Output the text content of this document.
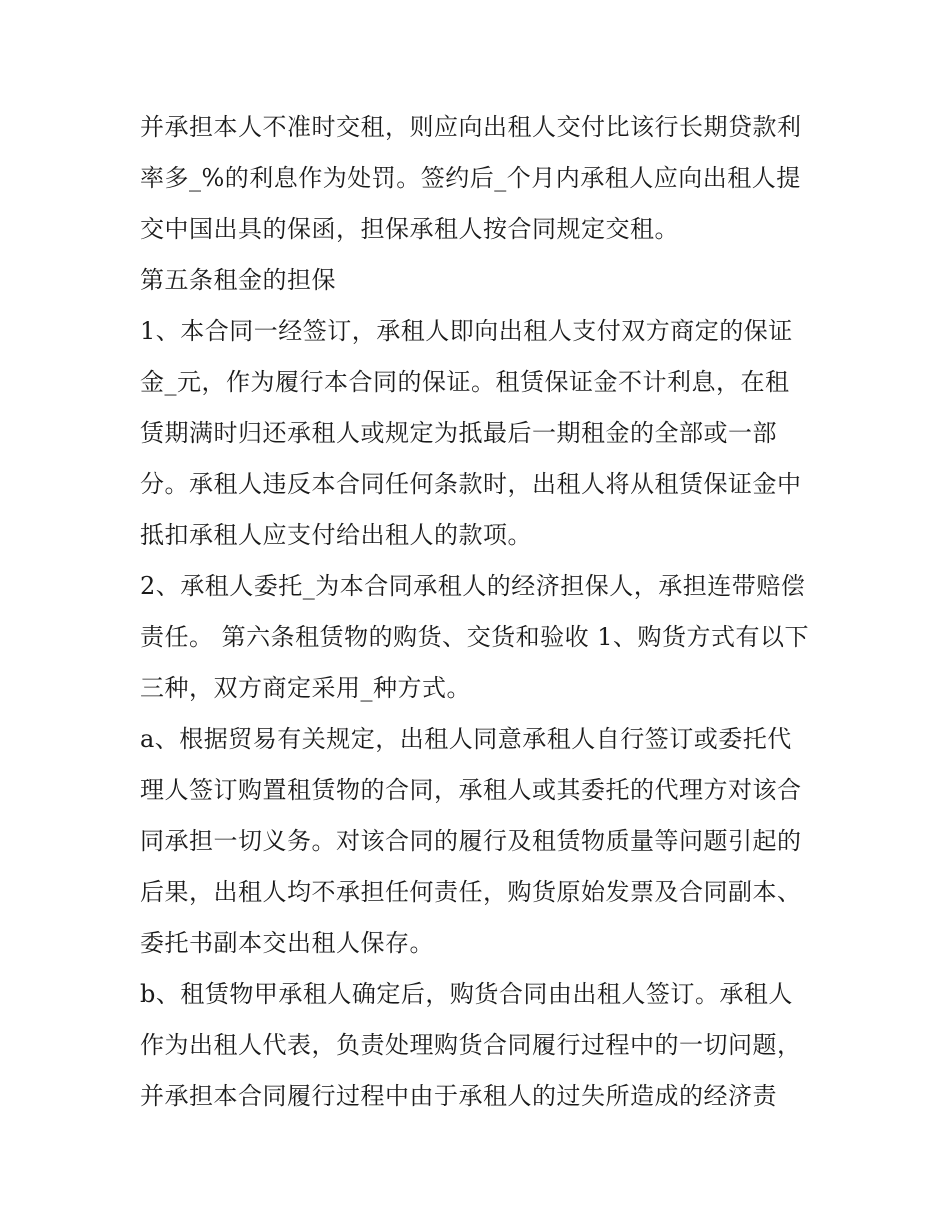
并承担本人不准时交租，则应向出租人交付比该行长期贷款利
率多_%的利息作为处罚。签约后_个月内承租人应向出租人提
交中国出具的保函，担保承租人按合同规定交租。

第五条租金的担保

1、本合同一经签订，承租人即向出租人支付双方商定的保证
金_元，作为履行本合同的保证。租赁保证金不计利息，在租
赁期满时归还承租人或规定为抵最后一期租金的全部或一部
分。承租人违反本合同任何条款时，出租人将从租赁保证金中
抵扣承租人应支付给出租人的款项。

2、承租人委托_为本合同承租人的经济担保人，承担连带赔偿
责任。 第六条租赁物的购货、交货和验收 1、购货方式有以下
三种，双方商定采用_种方式。

a、根据贸易有关规定，出租人同意承租人自行签订或委托代
理人签订购置租赁物的合同，承租人或其委托的代理方对该合
同承担一切义务。对该合同的履行及租赁物质量等问题引起的
后果，出租人均不承担任何责任，购货原始发票及合同副本、
委托书副本交出租人保存。

b、租赁物甲承租人确定后，购货合同由出租人签订。承租人
作为出租人代表，负责处理购货合同履行过程中的一切问题，
并承担本合同履行过程中由于承租人的过失所造成的经济责
